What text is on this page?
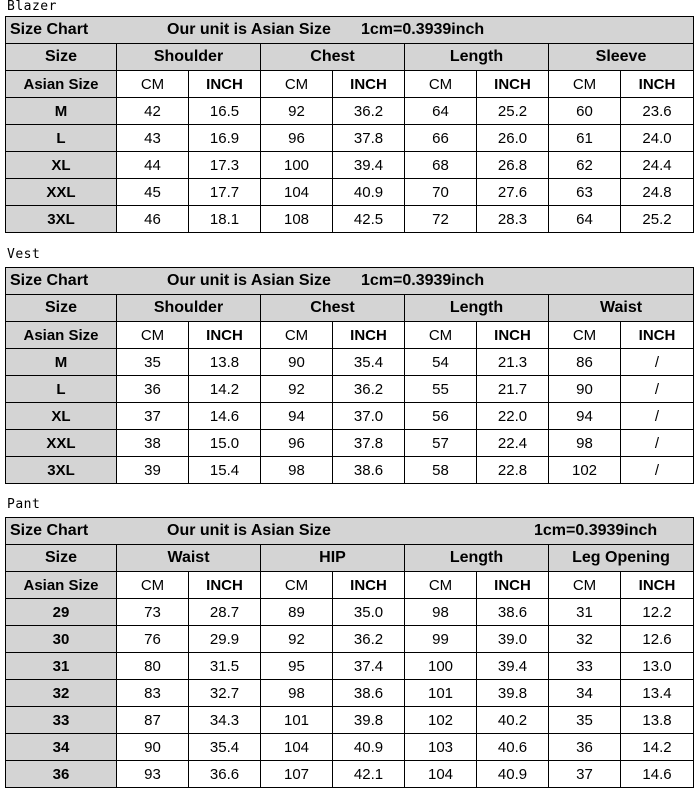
Blazer
Size Chart Our unit is Asian Size 1cm=0.3939inch								

Size	Shoulder		Chest		Length		Sleeve	
Asian Size	CM	INCH	CM	INCH	CM	INCH	CM	INCH
M	42	16.5	92	36.2	64	25.2	60	23.6
L	43	16.9	96	37.8	66	26.0	61	24.0
XL	44	17.3	100	39.4	68	26.8	62	24.4
XXL	45	17.7	104	40.9	70	27.6	63	24.8
3XL	46	18.1	108	42.5	72	28.3	64	25.2
Vest
Size Chart Our unit is Asian Size 1cm=0.3939inch								

Size	Shoulder		Chest		Length		Waist	
Asian Size	CM	INCH	CM	INCH	CM	INCH	CM	INCH
M	35	13.8	90	35.4	54	21.3	86	/
L	36	14.2	92	36.2	55	21.7	90	/
XL	37	14.6	94	37.0	56	22.0	94	/
XXL	38	15.0	96	37.8	57	22.4	98	/
3XL	39	15.4	98	38.6	58	22.8	102	/
Pant
Size Chart Our unit is Asian Size 1cm=0.3939inch								

Size	Waist		HIP		Length		Leg Opening	
Asian Size	CM	INCH	CM	INCH	CM	INCH	CM	INCH
29	73	28.7	89	35.0	98	38.6	31	12.2
30	76	29.9	92	36.2	99	39.0	32	12.6
31	80	31.5	95	37.4	100	39.4	33	13.0
32	83	32.7	98	38.6	101	39.8	34	13.4
33	87	34.3	101	39.8	102	40.2	35	13.8
34	90	35.4	104	40.9	103	40.6	36	14.2
36	93	36.6	107	42.1	104	40.9	37	14.6
